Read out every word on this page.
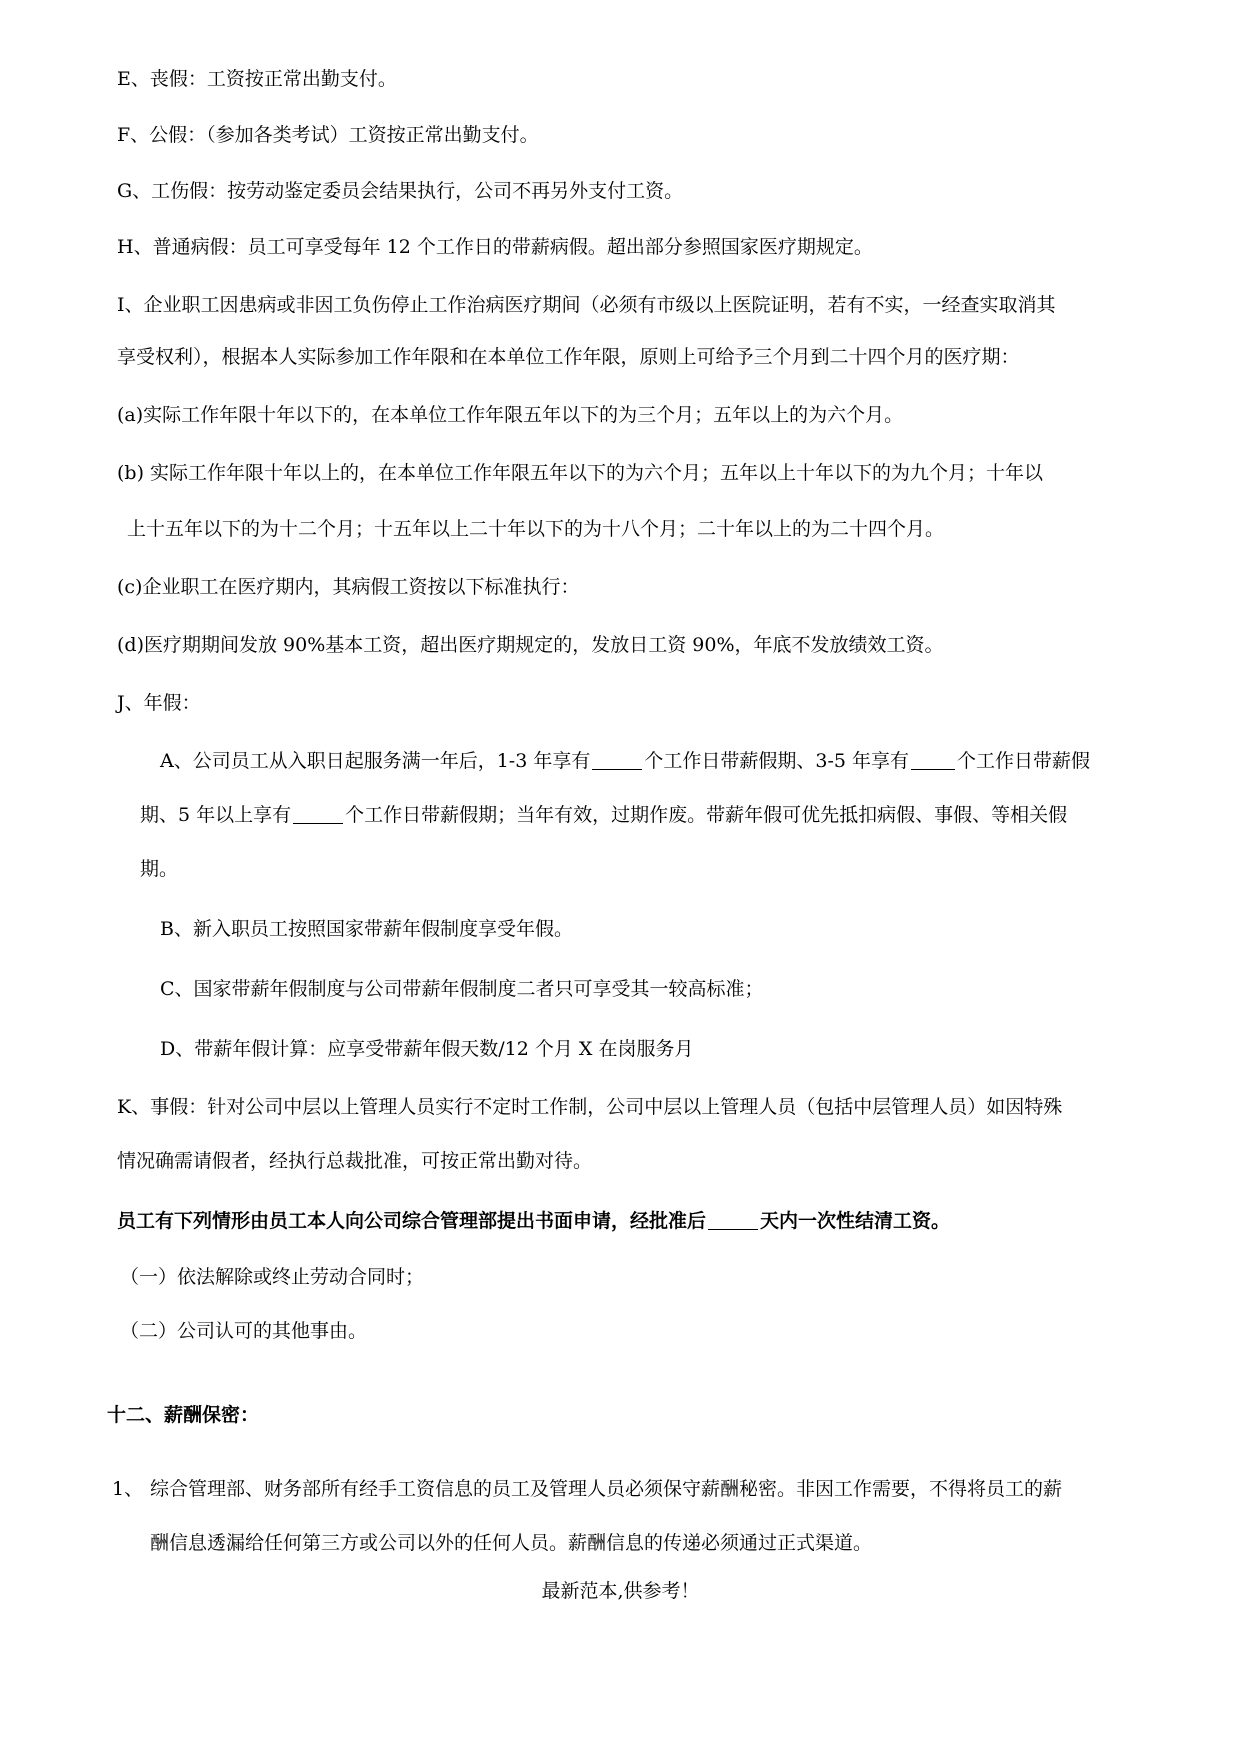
E、丧假：工资按正常出勤支付。
F、公假：（参加各类考试）工资按正常出勤支付。
G、工伤假：按劳动鉴定委员会结果执行，公司不再另外支付工资。
H、普通病假：员工可享受每年 12 个工作日的带薪病假。超出部分参照国家医疗期规定。
I、企业职工因患病或非因工负伤停止工作治病医疗期间（必须有市级以上医院证明，若有不实，一经查实取消其
享受权利），根据本人实际参加工作年限和在本单位工作年限，原则上可给予三个月到二十四个月的医疗期：
(a)实际工作年限十年以下的，在本单位工作年限五年以下的为三个月；五年以上的为六个月。
(b) 实际工作年限十年以上的，在本单位工作年限五年以下的为六个月；五年以上十年以下的为九个月；十年以
上十五年以下的为十二个月；十五年以上二十年以下的为十八个月；二十年以上的为二十四个月。
(c)企业职工在医疗期内，其病假工资按以下标准执行：
(d)医疗期期间发放 90%基本工资，超出医疗期规定的，发放日工资 90%，年底不发放绩效工资。
J、年假：
A、公司员工从入职日起服务满一年后，1-3 年享有	个工作日带薪假期、3-5 年享有	个工作日带薪假
期、5 年以上享有	个工作日带薪假期；当年有效，过期作废。带薪年假可优先抵扣病假、事假、等相关假
期。
B、新入职员工按照国家带薪年假制度享受年假。
C、国家带薪年假制度与公司带薪年假制度二者只可享受其一较高标准；
D、带薪年假计算：应享受带薪年假天数/12 个月 X 在岗服务月
K、事假：针对公司中层以上管理人员实行不定时工作制，公司中层以上管理人员（包括中层管理人员）如因特殊
情况确需请假者，经执行总裁批准，可按正常出勤对待。
员工有下列情形由员工本人向公司综合管理部提出书面申请，经批准后	天内一次性结清工资。
（一）依法解除或终止劳动合同时；
（二）公司认可的其他事由。
十二、薪酬保密：
1、 综合管理部、财务部所有经手工资信息的员工及管理人员必须保守薪酬秘密。非因工作需要，不得将员工的薪
酬信息透漏给任何第三方或公司以外的任何人员。薪酬信息的传递必须通过正式渠道。
最新范本,供参考！
